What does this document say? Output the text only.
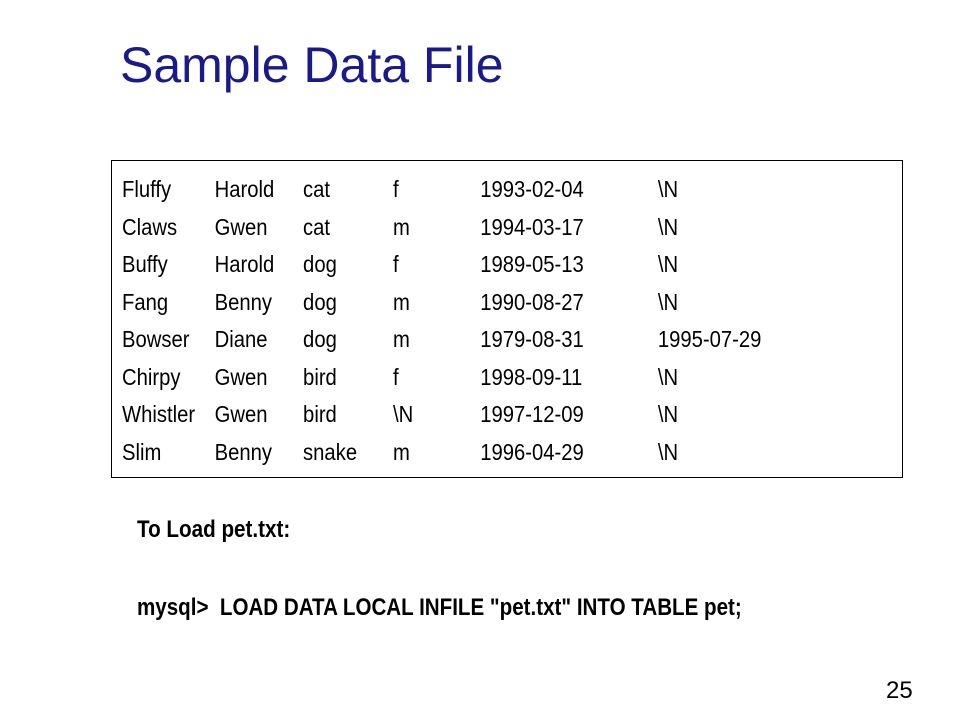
Sample Data File
Fluffy	Harold	cat	f	1993-02-04	\N
Claws	Gwen	cat	m	1994-03-17	\N
Buffy	Harold	dog	f	1989-05-13	\N
Fang	Benny	dog	m	1990-08-27	\N
Bowser	Diane	dog	m	1979-08-31	1995-07-29
Chirpy	Gwen	bird	f	1998-09-11	\N
Whistler	Gwen	bird	\N	1997-12-09	\N
Slim	Benny	snake	m	1996-04-29	\N
To Load pet.txt:
mysql>  LOAD DATA LOCAL INFILE "pet.txt" INTO TABLE pet;
25
